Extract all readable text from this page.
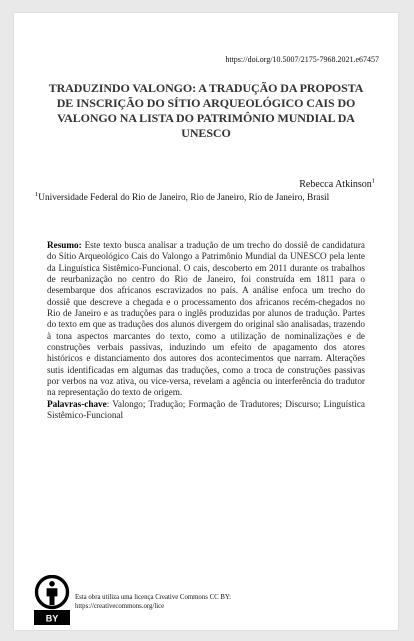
https://doi.org/10.5007/2175-7968.2021.e67457
TRADUZINDO VALONGO: A TRADUÇÃO DA PROPOSTA
DE INSCRIÇÃO DO SÍTIO ARQUEOLÓGICO CAIS DO
VALONGO NA LISTA DO PATRIMÔNIO MUNDIAL DA
UNESCO
Rebecca Atkinson$^1$
$^1$Universidade Federal do Rio de Janeiro, Rio de Janeiro, Rio de Janeiro, Brasil

Resumo: Este texto busca analisar a tradução de um trecho do dossiê de candidatura do Sítio Arqueológico Cais do Valongo a Patrimônio Mundial da UNESCO pela lente da Linguística Sistêmico-Funcional. O cais, descoberto em 2011 durante os trabalhos de reurbanização no centro do Rio de Janeiro, foi construída em 1811 para o desembarque dos africanos escravizados no país. A análise enfoca um trecho do dossiê que descreve a chegada e o processamento dos africanos recém-chegados no Rio de Janeiro e as traduções para o inglês produzidas por alunos de tradução. Partes do texto em que as traduções dos alunos divergem do original são analisadas, trazendo à tona aspectos marcantes do texto, como a utilização de nominalizações e de construções verbais passivas, induzindo um efeito de apagamento dos atores históricos e distanciamento dos autores dos acontecimentos que narram. Alterações sutis identificadas em algumas das traduções, como a troca de construções passivas por verbos na voz ativa, ou vice-versa, revelam a agência ou interferência do tradutor na representação do texto de origem.

Palavras-chave: Valongo; Tradução; Formação de Tradutores; Discurso; Linguística Sistêmico-Funcional

BY
Esta obra utiliza uma licença Creative Commons CC BY:
https://creativecommons.org/lice
